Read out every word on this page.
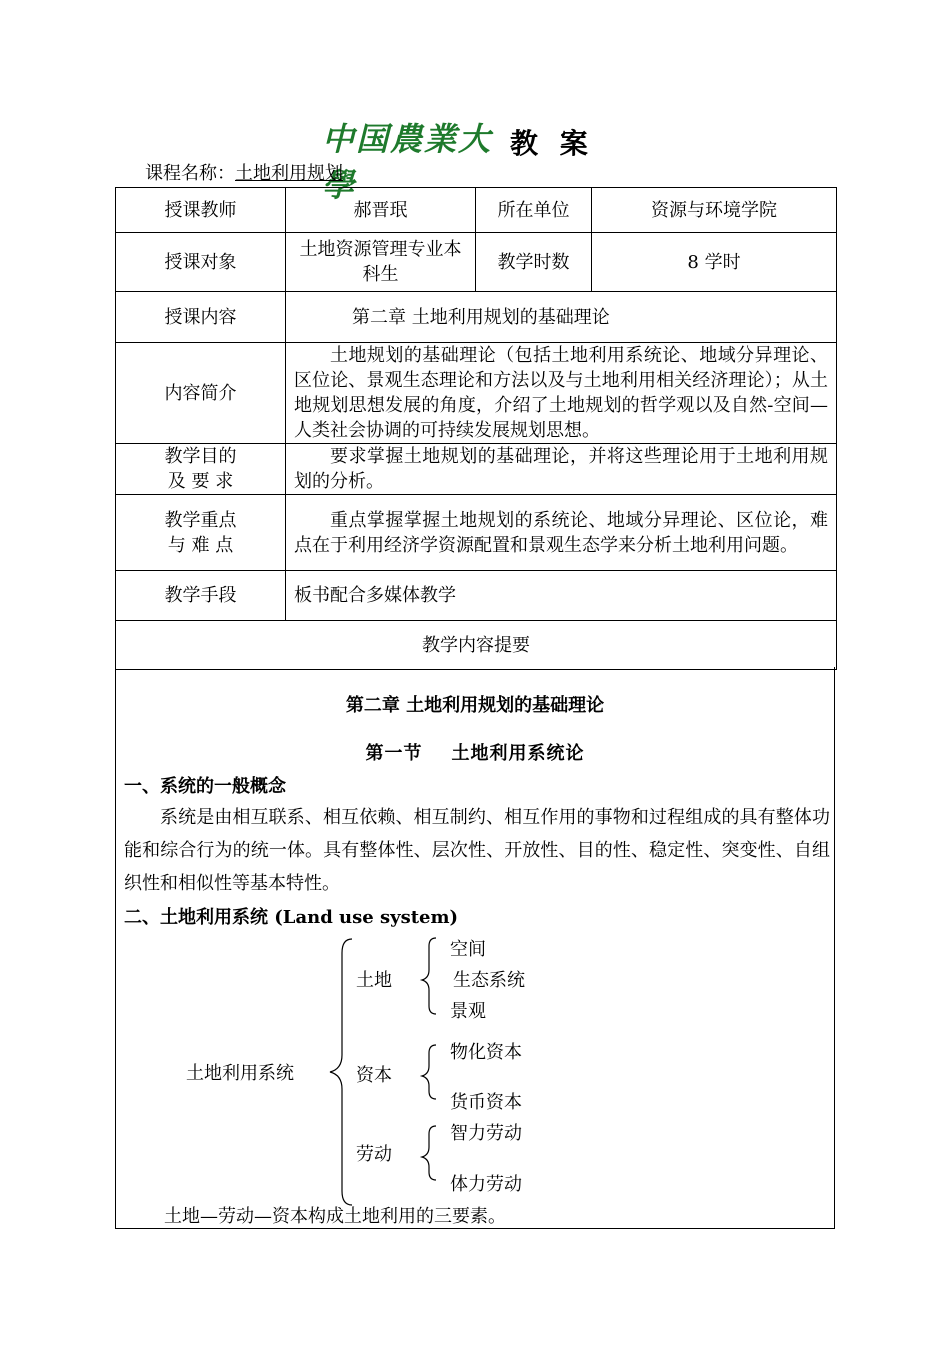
中国農業大學
教 案
课程名称：土地利用规划
授课教师	郝晋珉	所在单位	资源与环境学院
授课对象	土地资源管理专业本科生	教学时数	8 学时
授课内容	第二章 土地利用规划的基础理论		
内容简介	土地规划的基础理论（包括土地利用系统论、地域分异理论、区位论、景观生态理论和方法以及与土地利用相关经济理论）；从土地规划思想发展的角度，介绍了土地规划的哲学观以及自然-空间—人类社会协调的可持续发展规划思想。		

教学目的
及 要 求	要求掌握土地规划的基础理论，并将这些理论用于土地利用规划的分析。		

教学重点
与 难 点	重点掌握掌握土地规划的系统论、地域分异理论、区位论，难点在于利用经济学资源配置和景观生态学来分析土地利用问题。		

教学手段	板书配合多媒体教学		
教学内容提要			
第二章 土地利用规划的基础理论
第一节    土地利用系统论
一、系统的一般概念
系统是由相互联系、相互依赖、相互制约、相互作用的事物和过程组成的具有整体功能和综合行为的统一体。具有整体性、层次性、开放性、目的性、稳定性、突变性、自组织性和相似性等基本特性。
二、土地利用系统 (Land use system)
土地利用系统
土地
空间
生态系统
景观
资本
物化资本
货币资本
劳动
智力劳动
体力劳动
土地—劳动—资本构成土地利用的三要素。
